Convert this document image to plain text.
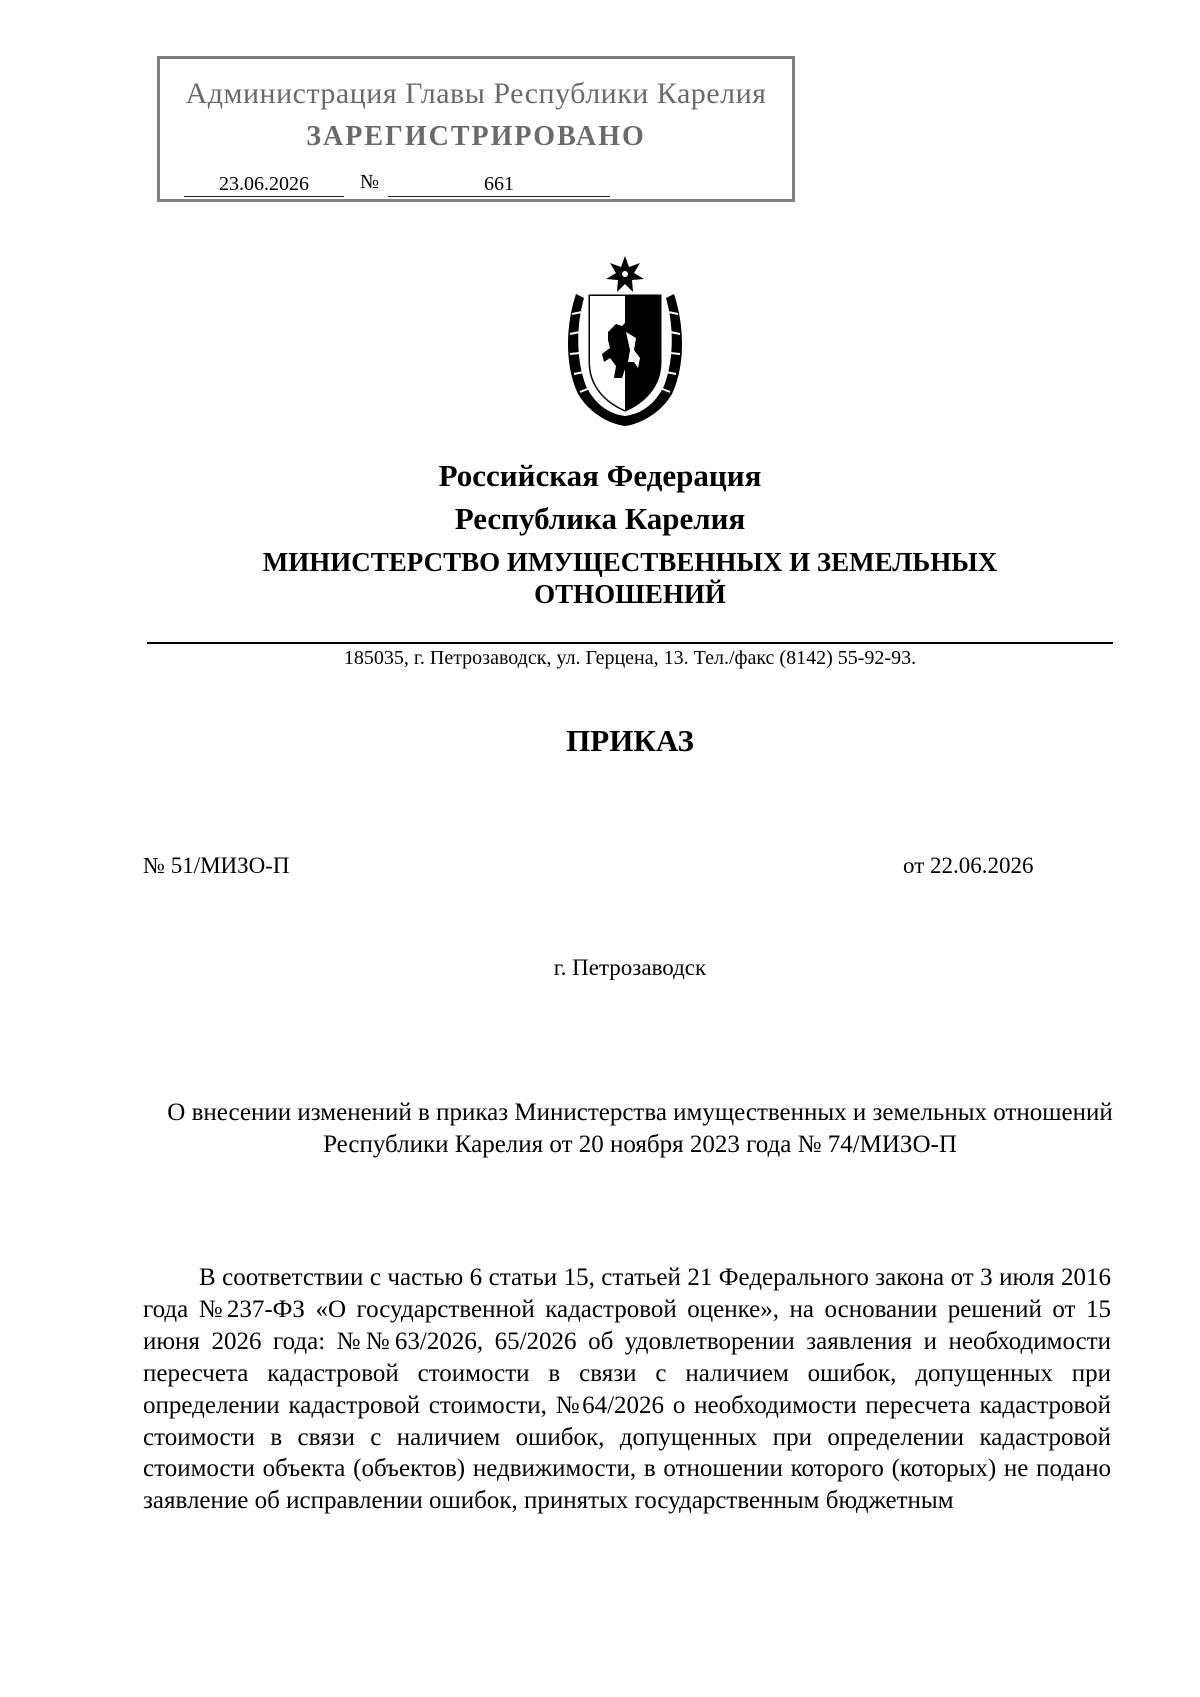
Администрация Главы Республики Карелия
ЗАРЕГИСТРИРОВАНО
23.06.2026	№	661
Российская Федерация
Республика Карелия
МИНИСТЕРСТВО ИМУЩЕСТВЕННЫХ И ЗЕМЕЛЬНЫХ ОТНОШЕНИЙ
185035, г. Петрозаводск, ул. Герцена, 13. Тел./факс (8142) 55-92-93.
ПРИКАЗ
№ 51/МИЗО-П	от 22.06.2026
г. Петрозаводск
О внесении изменений в приказ Министерства имущественных и земельных отношений Республики Карелия от 20 ноября 2023 года № 74/МИЗО-П

В соответствии с частью 6 статьи 15, статьей 21 Федерального закона от 3 июля 2016 года №237-ФЗ «О государственной кадастровой оценке», на основании решений от 15 июня 2026 года: №№63/2026, 65/2026 об удовлетворении заявления и необходимости пересчета кадастровой стоимости в связи с наличием ошибок, допущенных при определении кадастровой стоимости, №64/2026 о необходимости пересчета кадастровой стоимости в связи с наличием ошибок, допущенных при определении кадастровой стоимости объекта (объектов) недвижимости, в отношении которого (которых) не подано заявление об исправлении ошибок, принятых государственным бюджетным
